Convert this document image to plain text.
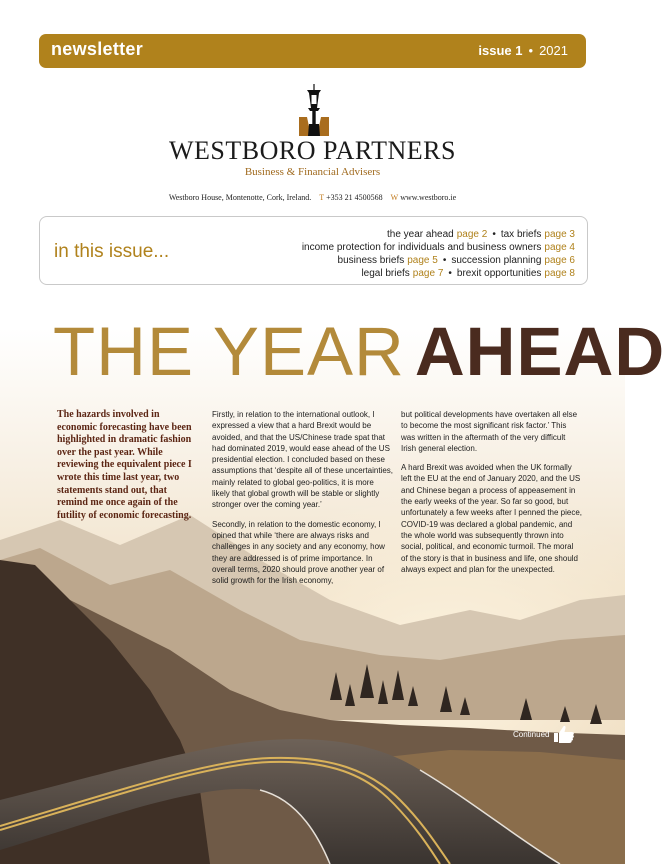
newsletter	issue 1 • 2021
WESTBORO PARTNERS
Business & Financial Advisers
Westboro House, Montenotte, Cork, Ireland. T +353 21 4500568 W www.westboro.ie
in this issue...
the year ahead page 2 • tax briefs page 3
income protection for individuals and business owners page 4
business briefs page 5 • succession planning page 6
legal briefs page 7 • brexit opportunities page 8
THE YEAR AHEAD
The hazards involved in economic forecasting have been highlighted in dramatic fashion over the past year. While reviewing the equivalent piece I wrote this time last year, two statements stand out, that remind me once again of the futility of economic forecasting.

Firstly, in relation to the international outlook, I expressed a view that a hard Brexit would be avoided, and that the US/Chinese trade spat that had dominated 2019, would ease ahead of the US presidential election. I concluded based on these assumptions that ‘despite all of these uncertainties, mainly related to global geo-politics, it is more likely that global growth will be stable or slightly stronger over the coming year.’

Secondly, in relation to the domestic economy, I opined that while ‘there are always risks and challenges in any society and any economy, how they are addressed is of prime importance. In overall terms, 2020 should prove another year of solid growth for the Irish economy,

but political developments have overtaken all else to become the most significant risk factor.’ This was written in the aftermath of the very difficult Irish general election.

A hard Brexit was avoided when the UK formally left the EU at the end of January 2020, and the US and Chinese began a process of appeasement in the early weeks of the year. So far so good, but unfortunately a few weeks after I penned the piece, COVID-19 was declared a global pandemic, and the whole world was subsequently thrown into social, political, and economic turmoil. The moral of the story is that in business and life, one should always expect and plan for the unexpected.

Continued
